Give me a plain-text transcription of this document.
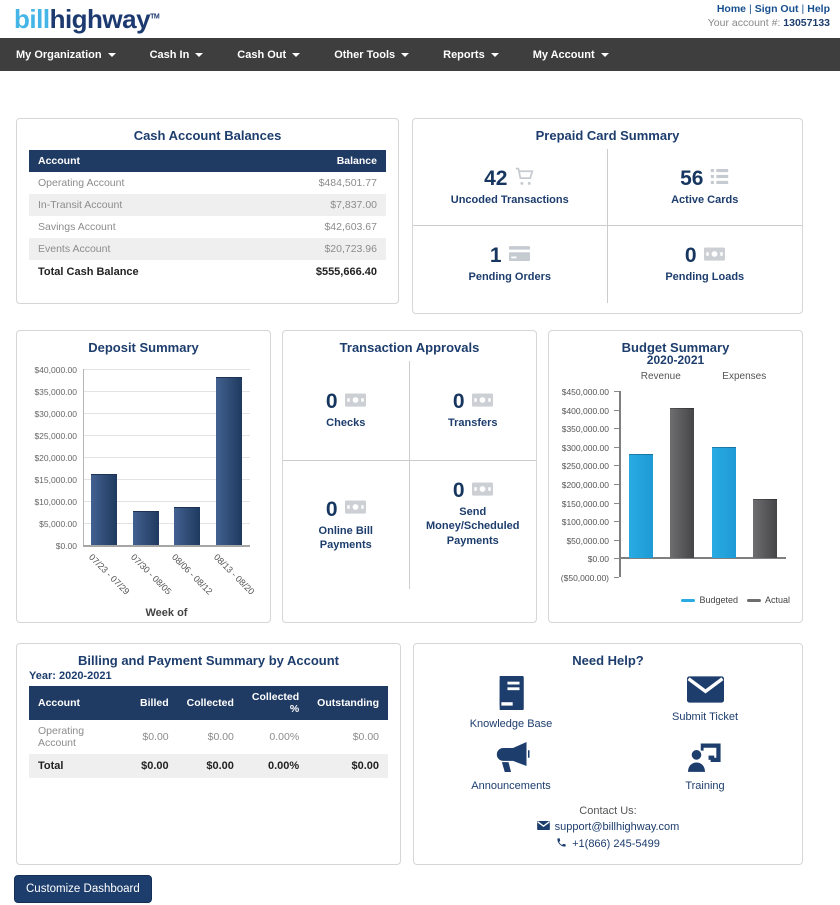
billhighway™
Home | Sign Out | Help
Your account #: 13057133
My Organization	Cash In	Cash Out	Other Tools	Reports	My Account
Cash Account Balances
Account	Balance
Operating Account	$484,501.77
In-Transit Account	$7,837.00
Savings Account	$42,603.67
Events Account	$20,723.96
Total Cash Balance	$555,666.40
Prepaid Card Summary
42
Uncoded Transactions
56
Active Cards
1
Pending Orders
0
Pending Loads
Deposit Summary
$0.00
$5,000.00
$10,000.00
$15,000.00
$20,000.00
$25,000.00
$30,000.00
$35,000.00
$40,000.00
07/23 - 07/29
07/30 - 08/05
08/06 - 08/12
08/13 - 08/20
Week of
Transaction Approvals
0
Checks
0
Transfers
0
Online Bill Payments
0
Send Money/Scheduled Payments
Budget Summary
2020-2021
$450,000.00
$400,000.00
$350,000.00
$300,000.00
$250,000.00
$200,000.00
$150,000.00
$100,000.00
$50,000.00
$0.00
($50,000.00)
Revenue	Expenses
Budgeted	Actual
Billing and Payment Summary by Account
Year: 2020-2021
Account	Billed	Collected	Collected %	Outstanding
Operating Account	$0.00	$0.00	0.00%	$0.00
Total	$0.00	$0.00	0.00%	$0.00
Need Help?
Knowledge Base
Submit Ticket
Announcements	Training
Contact Us:
support@billhighway.com
+1(866) 245-5499
Customize Dashboard
